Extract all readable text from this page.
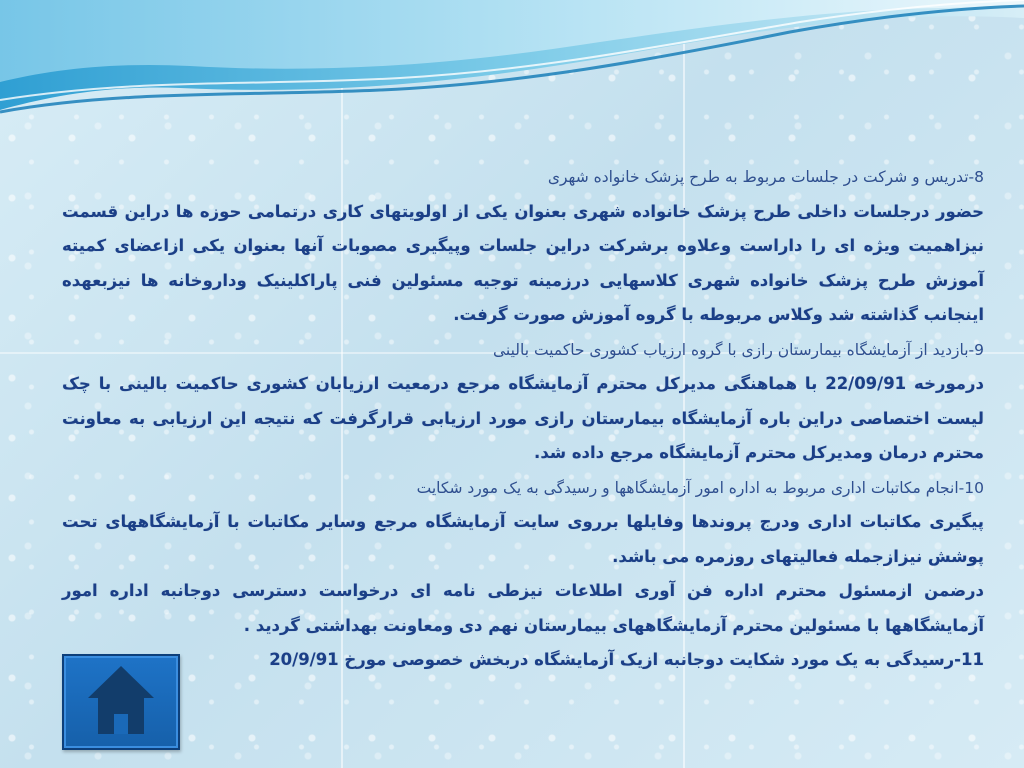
8-تدریس و شرکت در جلسات مربوط به طرح پزشک خانواده شهری

حضور درجلسات داخلی طرح پزشک خانواده شهری بعنوان یکی از اولویتهای کاری درتمامی حوزه ها دراین قسمت نیزاهمیت ویژه ای را داراست وعلاوه برشرکت دراین جلسات وپیگیری مصوبات آنها بعنوان یکی ازاعضای کمیته آموزش طرح پزشک خانواده شهری کلاسهایی درزمینه توجیه مسئولین فنی پاراکلینیک وداروخانه ها نیزبعهده اینجانب گذاشته شد وکلاس مربوطه با گروه آموزش صورت گرفت.

9-بازدید از آزمایشگاه بیمارستان رازی با گروه ارزیاب کشوری حاکمیت بالینی

درمورخه 22/09/91 با هماهنگی مدیرکل محترم آزمایشگاه مرجع درمعیت ارزیابان کشوری حاکمیت بالینی با چک لیست اختصاصی دراین باره آزمایشگاه بیمارستان رازی مورد ارزیابی قرارگرفت که نتیجه این ارزیابی به معاونت محترم درمان ومدیرکل محترم آزمایشگاه مرجع داده شد.

10-انجام مکاتبات اداری مربوط به اداره امور آزمایشگاهها و رسیدگی به یک مورد شکایت

پیگیری مکاتبات اداری ودرج پروندها وفایلها برروی سایت آزمایشگاه مرجع وسایر مکاتبات با آزمایشگاههای تحت پوشش نیزازجمله فعالیتهای روزمره می باشد.

درضمن ازمسئول محترم اداره فن آوری اطلاعات نیزطی نامه ای درخواست دسترسی دوجانبه اداره امور آزمایشگاهها با مسئولین محترم آزمایشگاههای بیمارستان نهم دی ومعاونت بهداشتی گردید .

11-رسیدگی به یک مورد شکایت دوجانبه ازیک آزمایشگاه دربخش خصوصی مورخ 20/9/91
